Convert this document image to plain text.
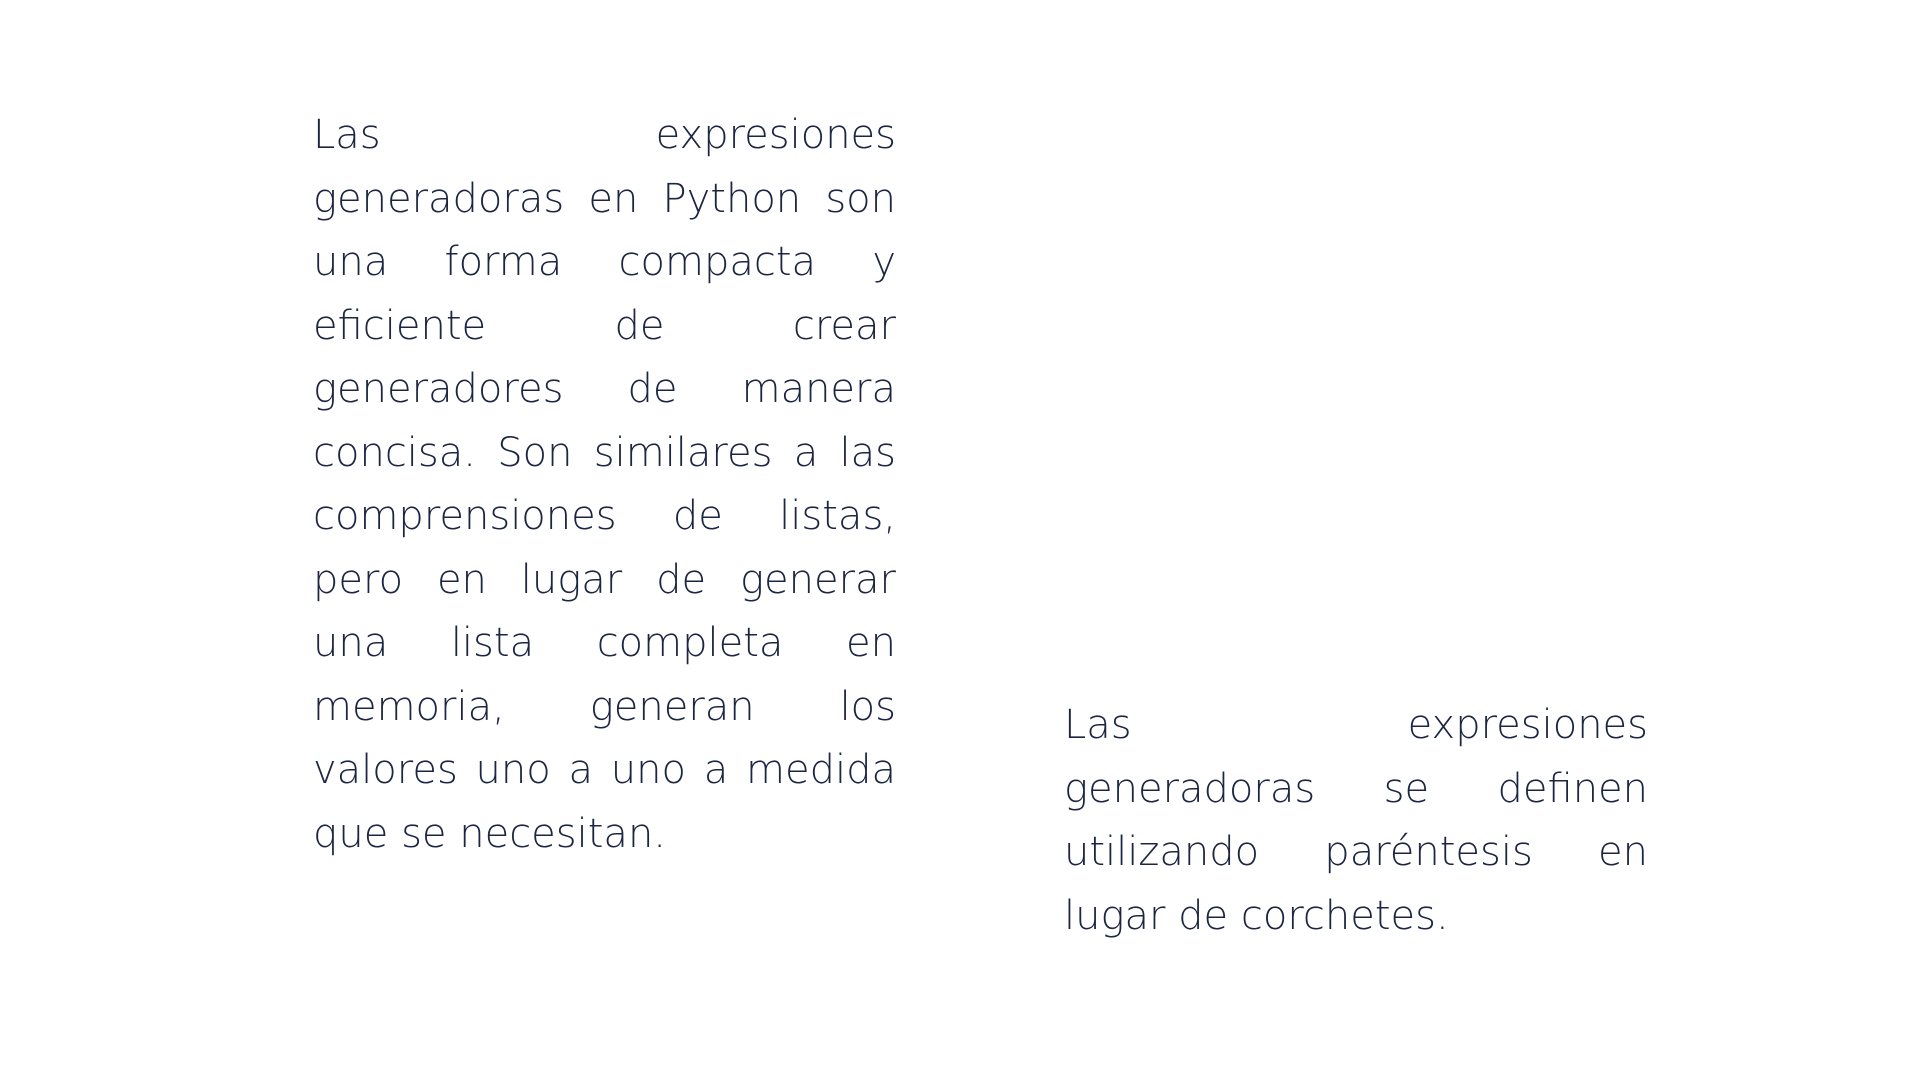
Las expresiones generadoras en Python son una forma compacta y eficiente de crear generadores de manera concisa. Son similares a las comprensiones de listas, pero en lugar de generar una lista completa en memoria, generan los valores uno a uno a medida que se necesitan.

Las expresiones generadoras se definen utilizando paréntesis en lugar de corchetes.
